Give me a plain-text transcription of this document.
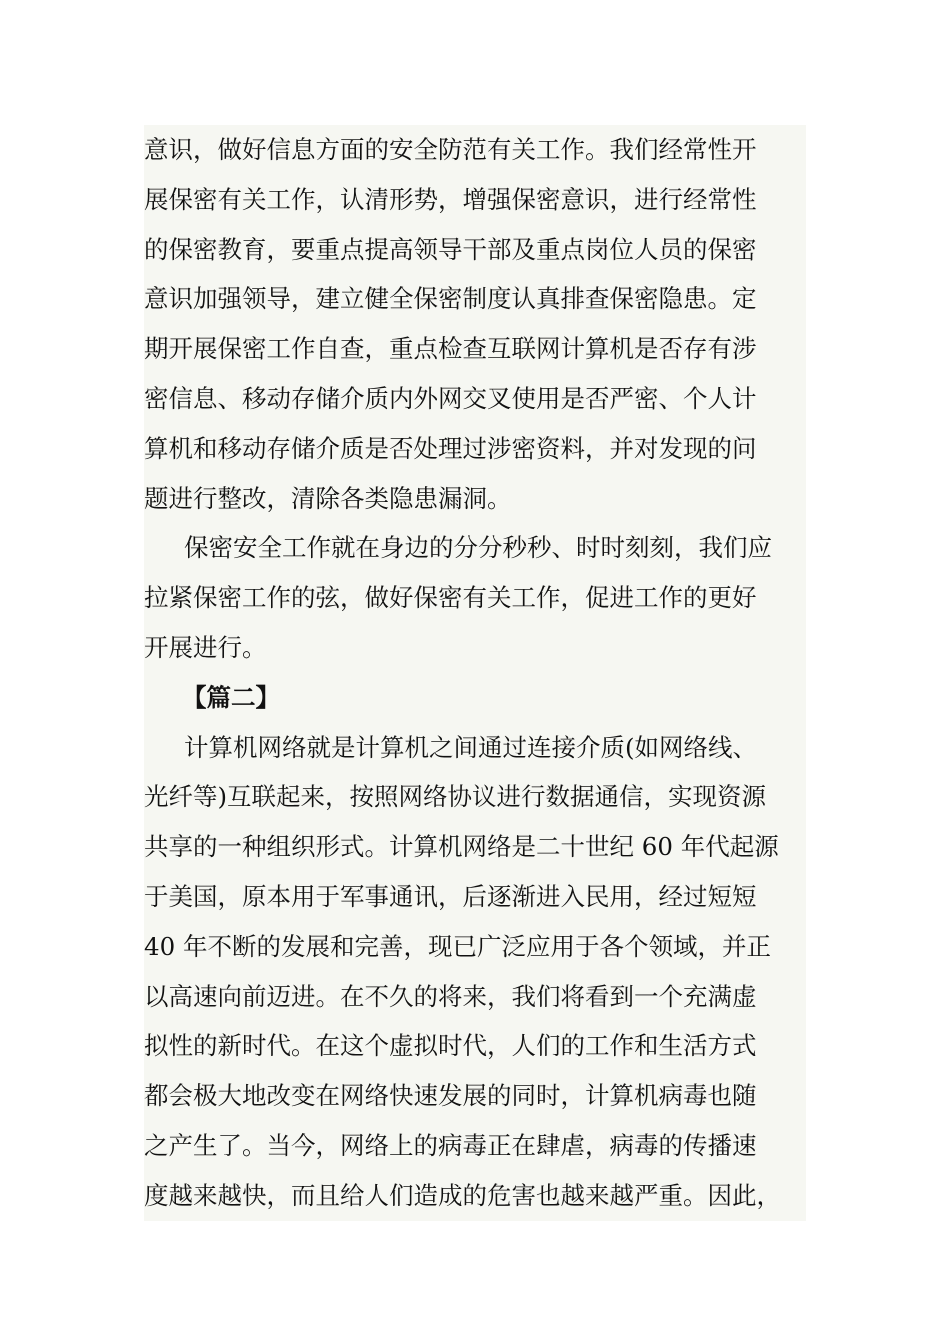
意识，做好信息方面的安全防范有关工作。我们经常性开
展保密有关工作，认清形势，增强保密意识，进行经常性
的保密教育，要重点提高领导干部及重点岗位人员的保密
意识加强领导，建立健全保密制度认真排查保密隐患。定
期开展保密工作自查，重点检查互联网计算机是否存有涉
密信息、移动存储介质内外网交叉使用是否严密、个人计
算机和移动存储介质是否处理过涉密资料，并对发现的问
题进行整改，清除各类隐患漏洞。
保密安全工作就在身边的分分秒秒、时时刻刻，我们应
拉紧保密工作的弦，做好保密有关工作，促进工作的更好
开展进行。
【篇二】
计算机网络就是计算机之间通过连接介质(如网络线、
光纤等)互联起来，按照网络协议进行数据通信，实现资源
共享的一种组织形式。计算机网络是二十世纪 60 年代起源
于美国，原本用于军事通讯，后逐渐进入民用，经过短短
40 年不断的发展和完善，现已广泛应用于各个领域，并正
以高速向前迈进。在不久的将来，我们将看到一个充满虚
拟性的新时代。在这个虚拟时代，人们的工作和生活方式
都会极大地改变在网络快速发展的同时，计算机病毒也随
之产生了。当今，网络上的病毒正在肆虐，病毒的传播速
度越来越快，而且给人们造成的危害也越来越严重。因此，
